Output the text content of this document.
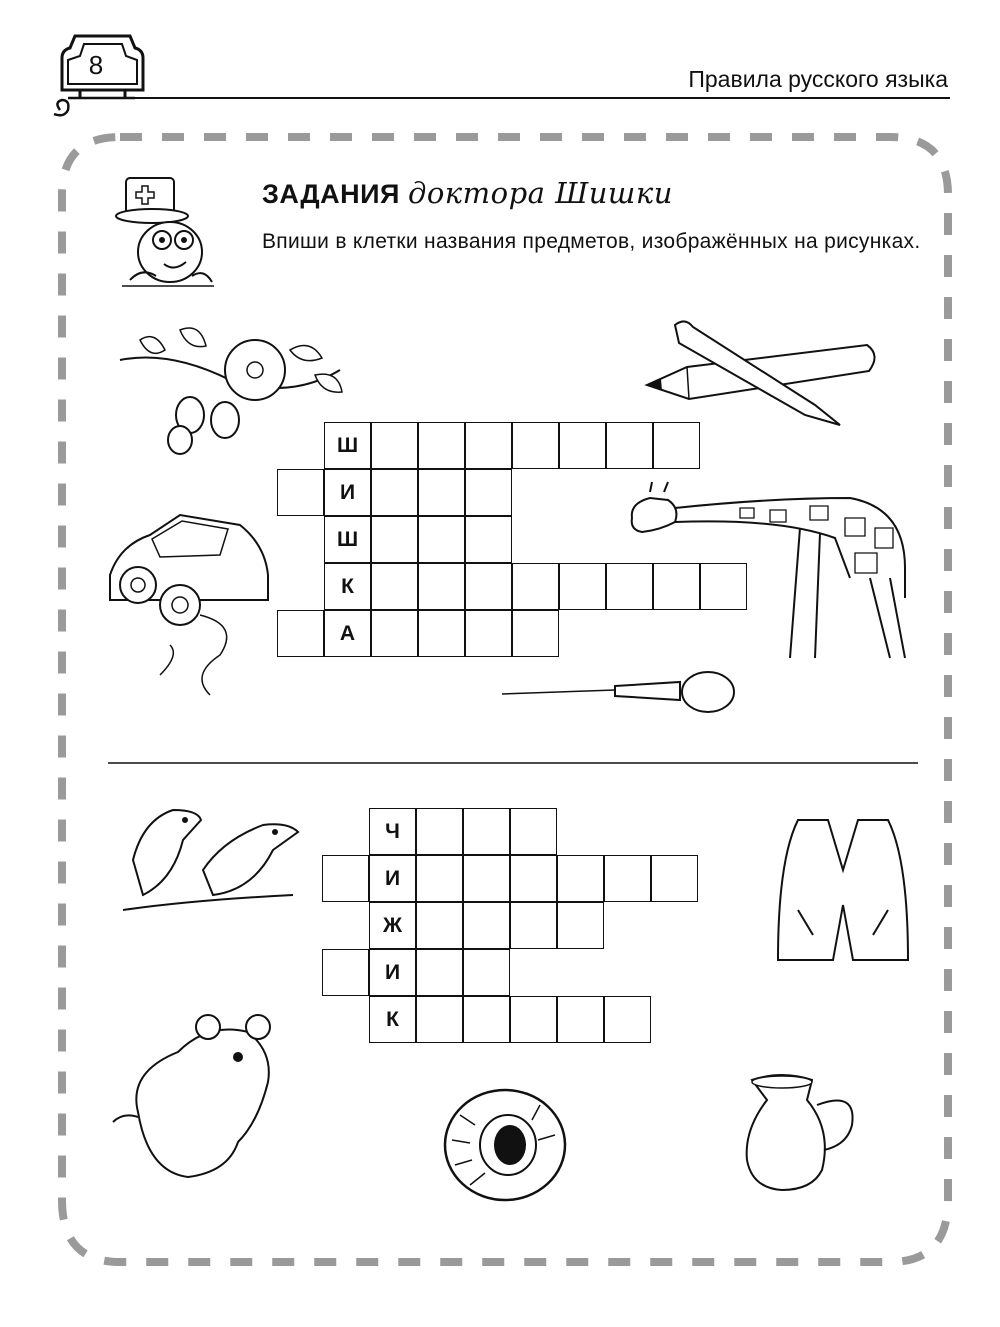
8	Правила русского языка
ЗАДАНИЯ доктора Шишки
Впиши в клетки названия предметов, изображённых на рисунках.
Ш
И
Ш
К
А
Ч
И
Ж
И
К
